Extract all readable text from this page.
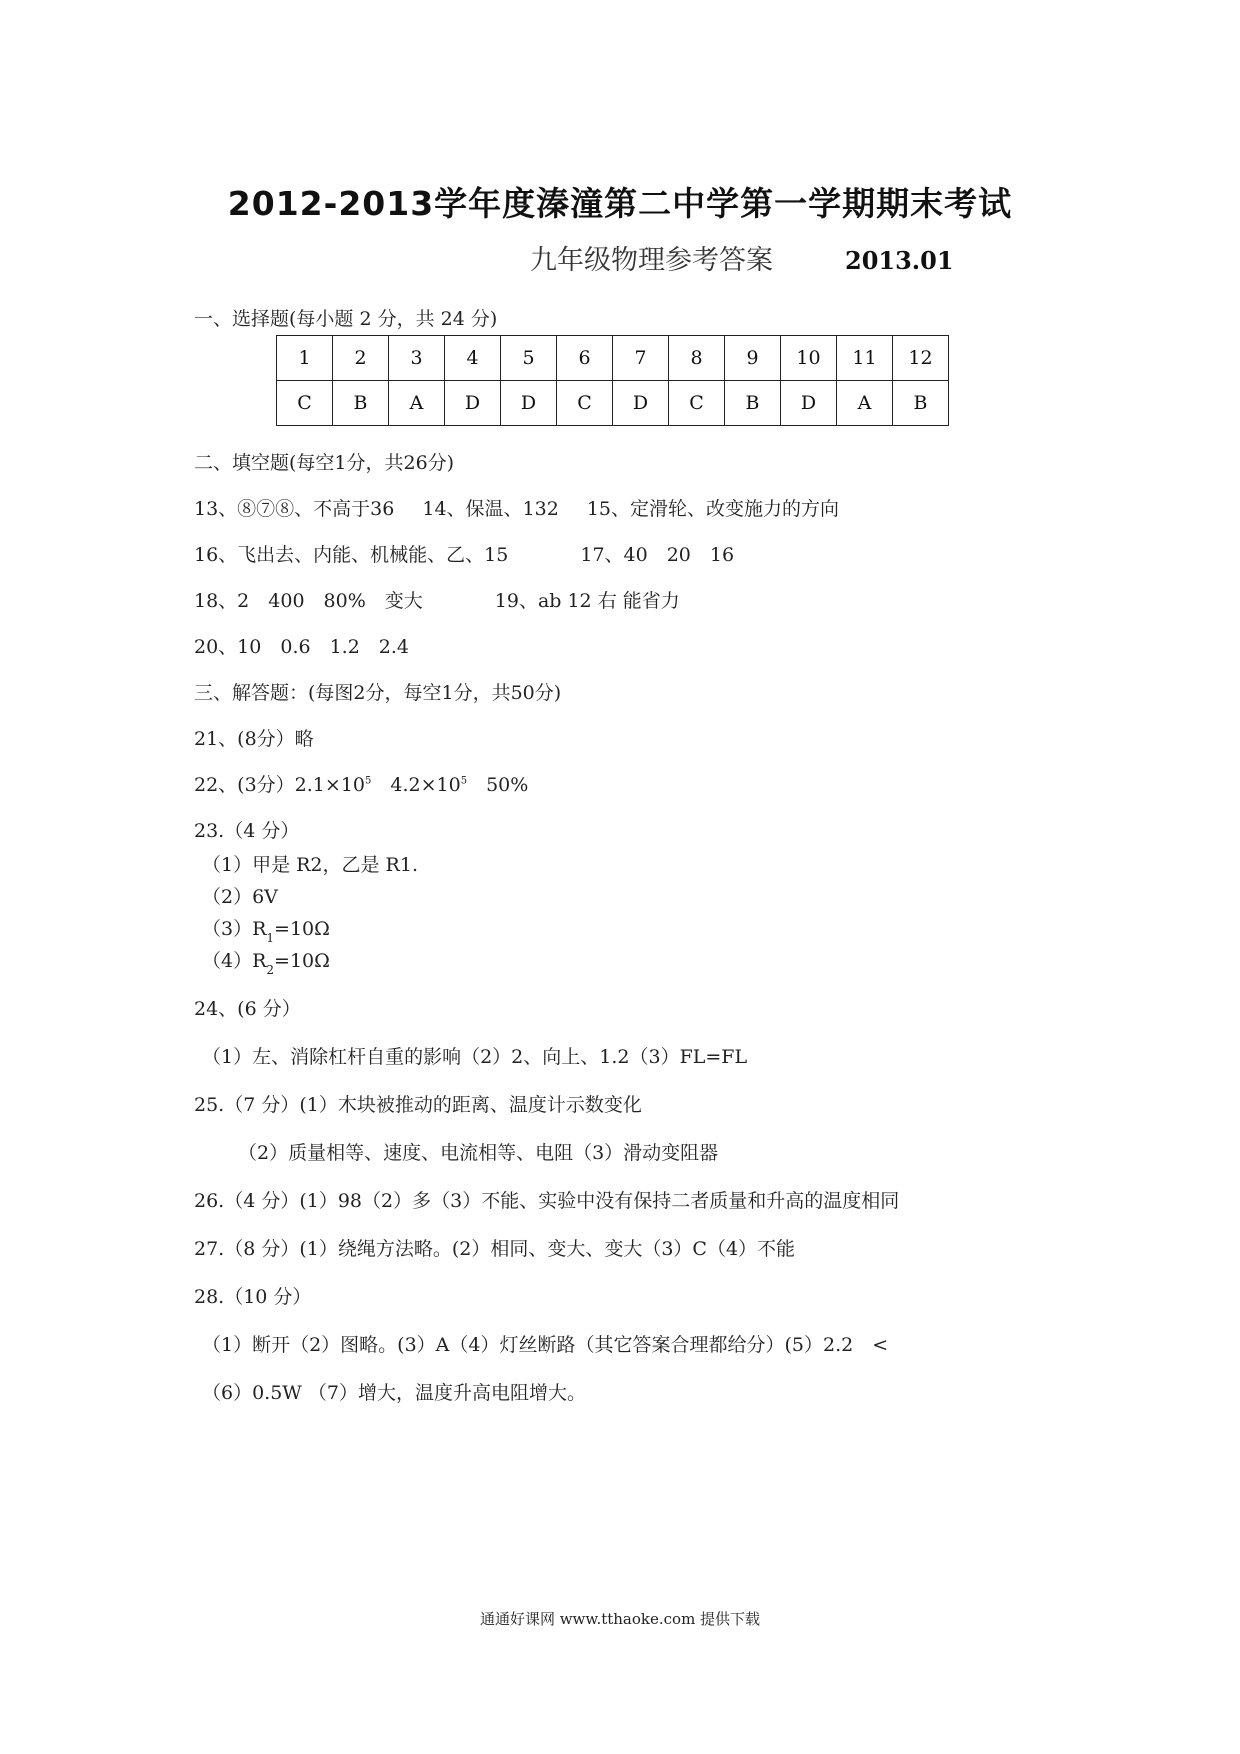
2012-2013学年度溱潼第二中学第一学期期末考试
九年级物理参考答案	2013.01
一、选择题(每小题 2 分，共 24 分)
1	2	3	4	5	6	7	8	9	10	11	12
C	B	A	D	D	C	D	C	B	D	A	B
二、填空题(每空1分，共26分)
13、⑧⑦⑧、不高于36 14、保温、132 15、定滑轮、改变施力的方向
16、飞出去、内能、机械能、乙、15	17、40　20　16
18、2　400　80%　变大	19、ab 12 右 能省力
20、10　0.6　1.2　2.4
三、解答题：(每图2分，每空1分，共50分)
21、(8分）略
22、(3分）$2.1\times 10^5$　$4.2\times 10^5$　50%
23.（4 分）
（1）甲是 R2，乙是 R1.
（2）6V
$(3)R_1=10\Omega$
$(4)R_2=10\Omega$
24、(6 分）
（1）左、消除杠杆自重的影响（2）2、向上、1.2（3）FL=FL
25.（7 分）(1）木块被推动的距离、温度计示数变化
（2）质量相等、速度、电流相等、电阻（3）滑动变阻器
26.（4 分）(1）98（2）多（3）不能、实验中没有保持二者质量和升高的温度相同
27.（8 分）(1）绕绳方法略。(2）相同、变大、变大（3）C（4）不能
28.（10 分）
（1）断开（2）图略。(3）A（4）灯丝断路（其它答案合理都给分）(5）2.2　<
（6）0.5W （7）增大，温度升高电阻增大。
通通好课网 www.tthaoke.com 提供下载
